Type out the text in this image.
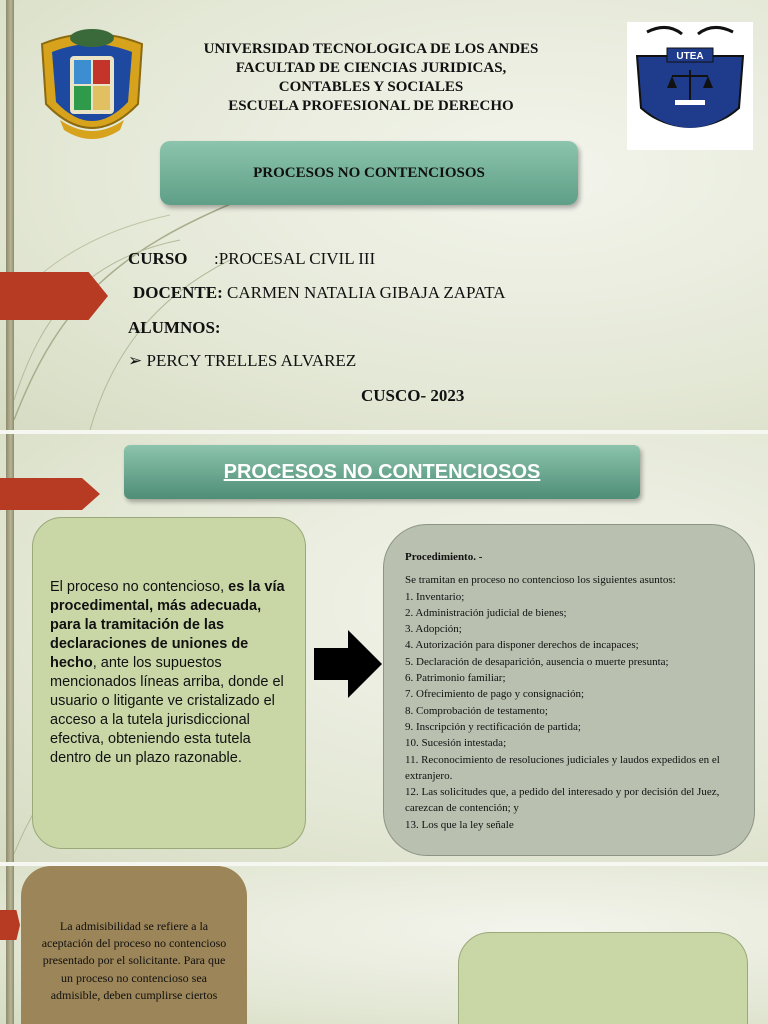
UTEA
UNIVERSIDAD TECNOLOGICA DE LOS ANDES
FACULTAD DE CIENCIAS JURIDICAS,
CONTABLES Y SOCIALES
ESCUELA PROFESIONAL DE DERECHO
PROCESOS NO CONTENCIOSOS
CURSO :PROCESAL CIVIL III
DOCENTE: CARMEN NATALIA GIBAJA ZAPATA
ALUMNOS:
➢ PERCY TRELLES ALVAREZ
CUSCO- 2023
PROCESOS NO CONTENCIOSOS

El proceso no contencioso, es la vía procedimental, más adecuada, para la tramitación de las declaraciones de uniones de hecho, ante los supuestos mencionados líneas arriba, donde el usuario o litigante ve cristalizado el acceso a la tutela jurisdiccional efectiva, obteniendo esta tutela dentro de un plazo razonable.

Procedimiento. -
Se tramitan en proceso no contencioso los siguientes asuntos:
1. Inventario;
2. Administración judicial de bienes;
3. Adopción;
4. Autorización para disponer derechos de incapaces;
5. Declaración de desaparición, ausencia o muerte presunta;
6. Patrimonio familiar;
7. Ofrecimiento de pago y consignación;
8. Comprobación de testamento;
9. Inscripción y rectificación de partida;
10. Sucesión intestada;
11. Reconocimiento de resoluciones judiciales y laudos expedidos en el extranjero.
12. Las solicitudes que, a pedido del interesado y por decisión del Juez, carezcan de contención; y
13. Los que la ley señale

La admisibilidad se refiere a la aceptación del proceso no contencioso presentado por el solicitante. Para que un proceso no contencioso sea admisible, deben cumplirse ciertos
